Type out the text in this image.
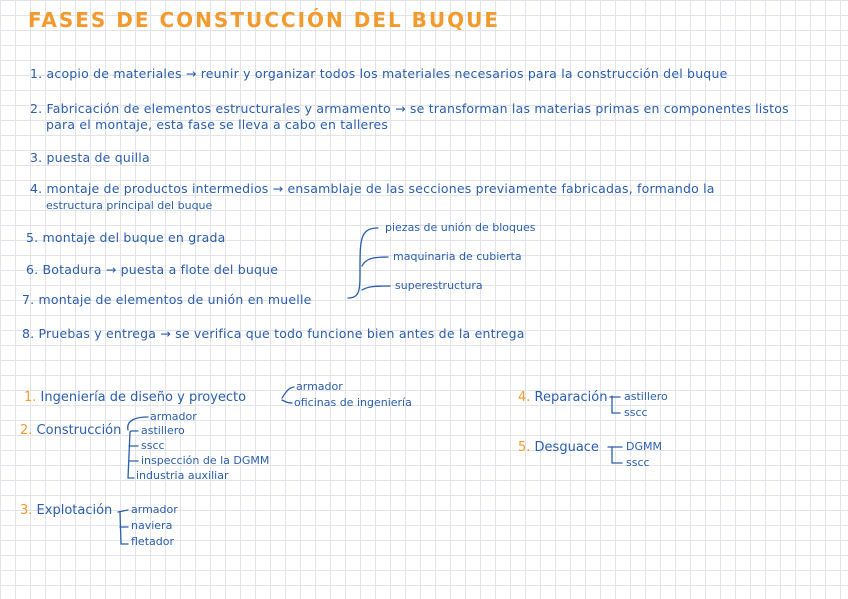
FASES DE CONSTUCCIÓN DEL BUQUE
1. acopio de materiales → reunir y organizar todos los materiales necesarios para la construcción del buque
2. Fabricación de elementos estructurales y armamento → se transforman las materias primas en componentes listos
para el montaje, esta fase se lleva a cabo en talleres
3. puesta de quilla
4. montaje de productos intermedios → ensamblaje de las secciones previamente fabricadas, formando la
estructura principal del buque
5. montaje del buque en grada
6. Botadura → puesta a flote del buque
7. montaje de elementos de unión en muelle
8. Pruebas y entrega → se verifica que todo funcione bien antes de la entrega
piezas de unión de bloques
maquinaria de cubierta
superestructura
1. Ingeniería de diseño y proyecto
armador
oficinas de ingeniería
2. Construcción
armador
astillero
sscc
inspección de la DGMM
industria auxiliar
3. Explotación armador
naviera
fletador
4. Reparación astillero
sscc
5. Desguace DGMM
sscc
